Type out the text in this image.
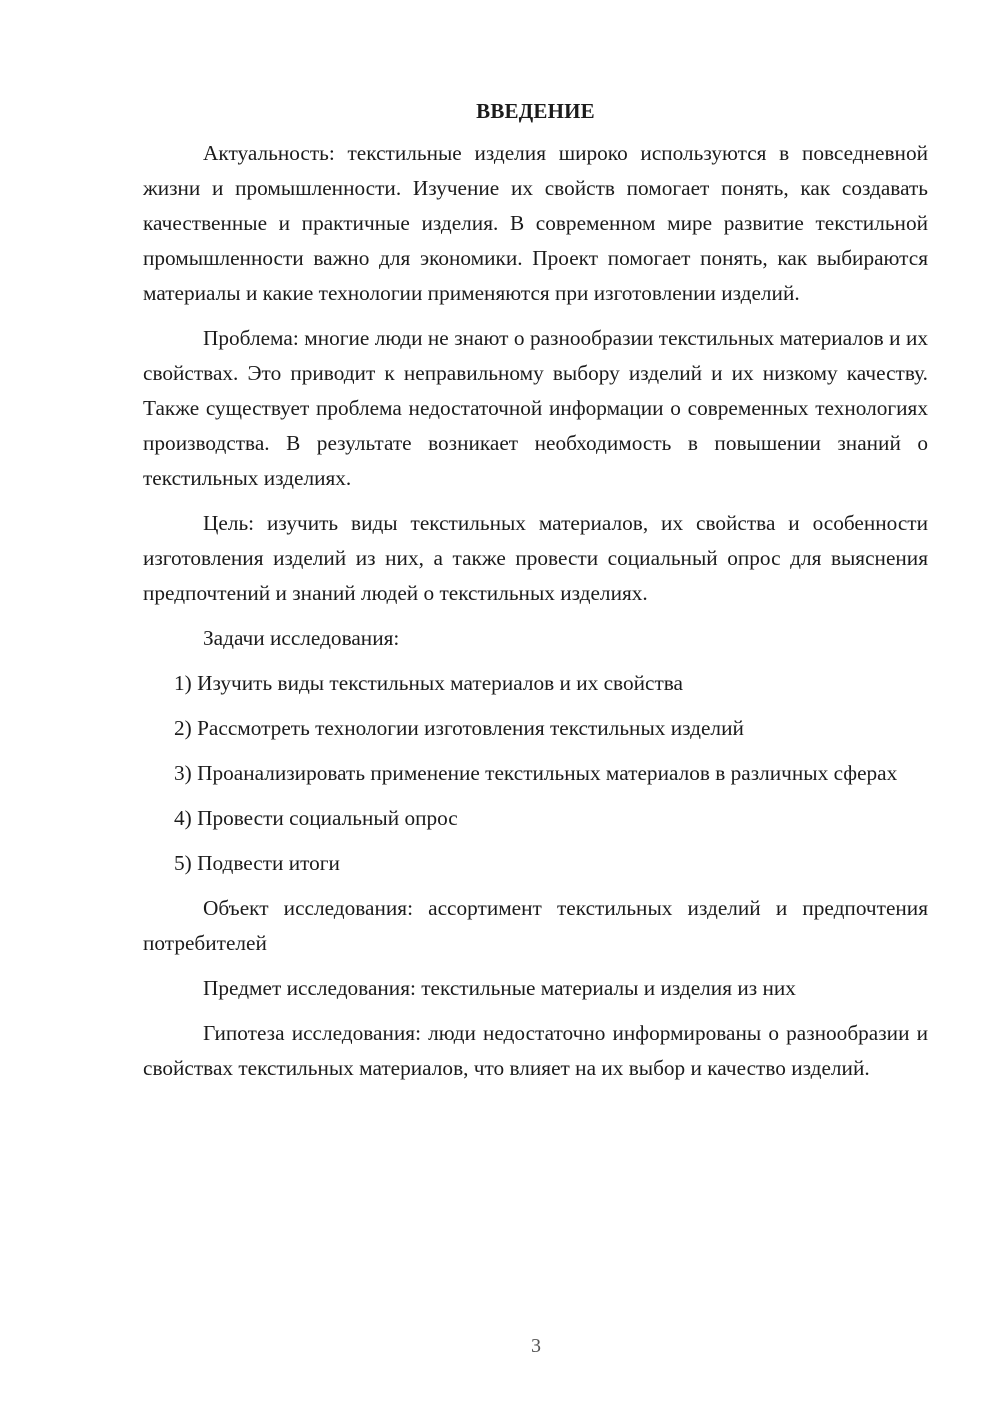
ВВЕДЕНИЕ

Актуальность: текстильные изделия широко используются в повседневной жизни и промышленности. Изучение их свойств помогает понять, как создавать качественные и практичные изделия. В современном мире развитие текстильной промышленности важно для экономики. Проект помогает понять, как выбираются материалы и какие технологии применяются при изготовлении изделий.

Проблема: многие люди не знают о разнообразии текстильных материалов и их свойствах. Это приводит к неправильному выбору изделий и их низкому качеству. Также существует проблема недостаточной информации о современных технологиях производства. В результате возникает необходимость в повышении знаний о текстильных изделиях.

Цель: изучить виды текстильных материалов, их свойства и особенности изготовления изделий из них, а также провести социальный опрос для выяснения предпочтений и знаний людей о текстильных изделиях.

Задачи исследования:

1) Изучить виды текстильных материалов и их свойства

2) Рассмотреть технологии изготовления текстильных изделий

3) Проанализировать применение текстильных материалов в различных сферах

4) Провести социальный опрос

5) Подвести итоги

Объект исследования: ассортимент текстильных изделий и предпочтения потребителей

Предмет исследования: текстильные материалы и изделия из них

Гипотеза исследования: люди недостаточно информированы о разнообразии и свойствах текстильных материалов, что влияет на их выбор и качество изделий.

3
